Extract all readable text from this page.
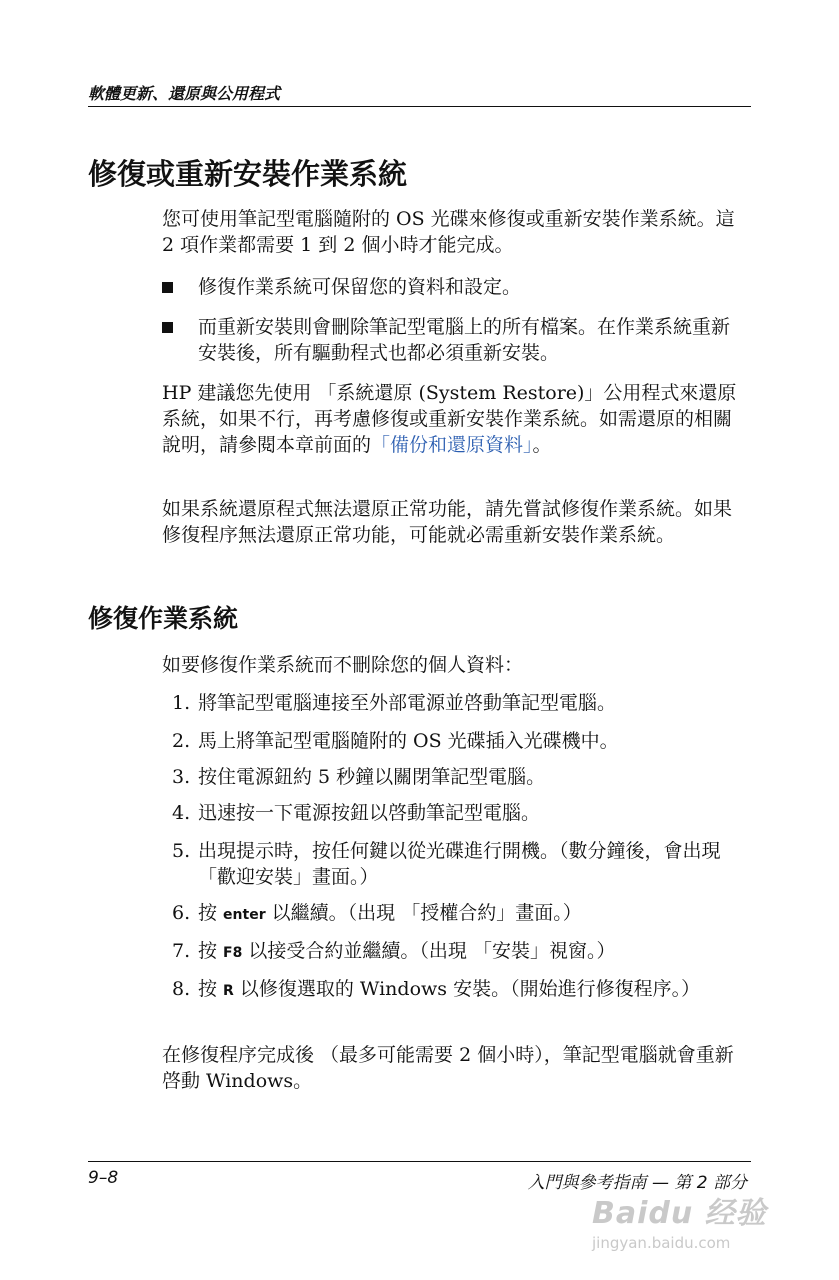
軟體更新、還原與公用程式
修復或重新安裝作業系統

您可使用筆記型電腦隨附的 OS 光碟來修復或重新安裝作業系統。這 2 項作業都需要 1 到 2 個小時才能完成。

修復作業系統可保留您的資料和設定。
而重新安裝則會刪除筆記型電腦上的所有檔案。在作業系統重新安裝後，所有驅動程式也都必須重新安裝。

HP 建議您先使用 「系統還原 (System Restore)」公用程式來還原系統，如果不行，再考慮修復或重新安裝作業系統。如需還原的相關說明，請參閱本章前面的「備份和還原資料」。

如果系統還原程式無法還原正常功能，請先嘗試修復作業系統。如果修復程序無法還原正常功能，可能就必需重新安裝作業系統。

修復作業系統

如要修復作業系統而不刪除您的個人資料：

1. 將筆記型電腦連接至外部電源並啓動筆記型電腦。
2. 馬上將筆記型電腦隨附的 OS 光碟插入光碟機中。
3. 按住電源鈕約 5 秒鐘以關閉筆記型電腦。
4. 迅速按一下電源按鈕以啓動筆記型電腦。
5. 出現提示時，按任何鍵以從光碟進行開機。（數分鐘後，會出現 「歡迎安裝」畫面。）
6. 按 enter 以繼續。（出現 「授權合約」畫面。）
7. 按 F8 以接受合約並繼續。（出現 「安裝」視窗。）
8. 按 R 以修復選取的 Windows 安裝。（開始進行修復程序。）

在修復程序完成後 （最多可能需要 2 個小時），筆記型電腦就會重新啓動 Windows。

9–8	入門與參考指南 — 第 2 部分
Baidu 经验
jingyan.baidu.com
